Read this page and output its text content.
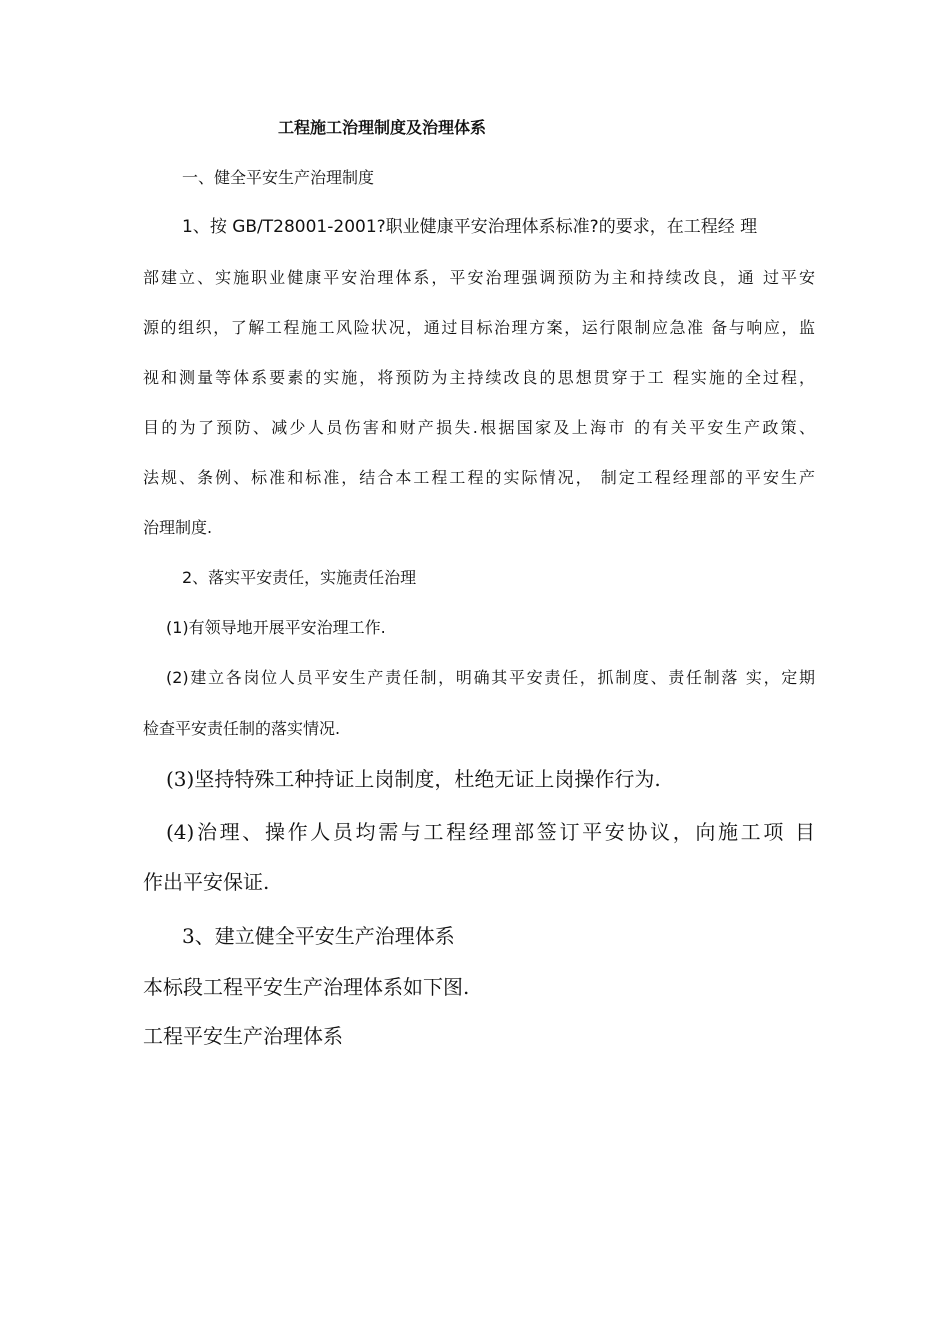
工程施工治理制度及治理体系
一、健全平安生产治理制度
1、按 GB/T28001-2001?职业健康平安治理体系标准?的要求，在工程经 理
部建立、实施职业健康平安治理体系，平安治理强调预防为主和持续改良，通 过平安
源的组织，了解工程施工风险状况，通过目标治理方案，运行限制应急准 备与响应，监
视和测量等体系要素的实施，将预防为主持续改良的思想贯穿于工 程实施的全过程，
目的为了预防、减少人员伤害和财产损失.根据国家及上海市 的有关平安生产政策、
法规、条例、标准和标准，结合本工程工程的实际情况， 制定工程经理部的平安生产
治理制度.
2、落实平安责任，实施责任治理
(1)有领导地开展平安治理工作.
(2)建立各岗位人员平安生产责任制，明确其平安责任，抓制度、责任制落 实，定期
检查平安责任制的落实情况.
(3)坚持特殊工种持证上岗制度，杜绝无证上岗操作行为.
(4)治理、操作人员均需与工程经理部签订平安协议，向施工项 目
作出平安保证.
3、建立健全平安生产治理体系
本标段工程平安生产治理体系如下图.
工程平安生产治理体系
